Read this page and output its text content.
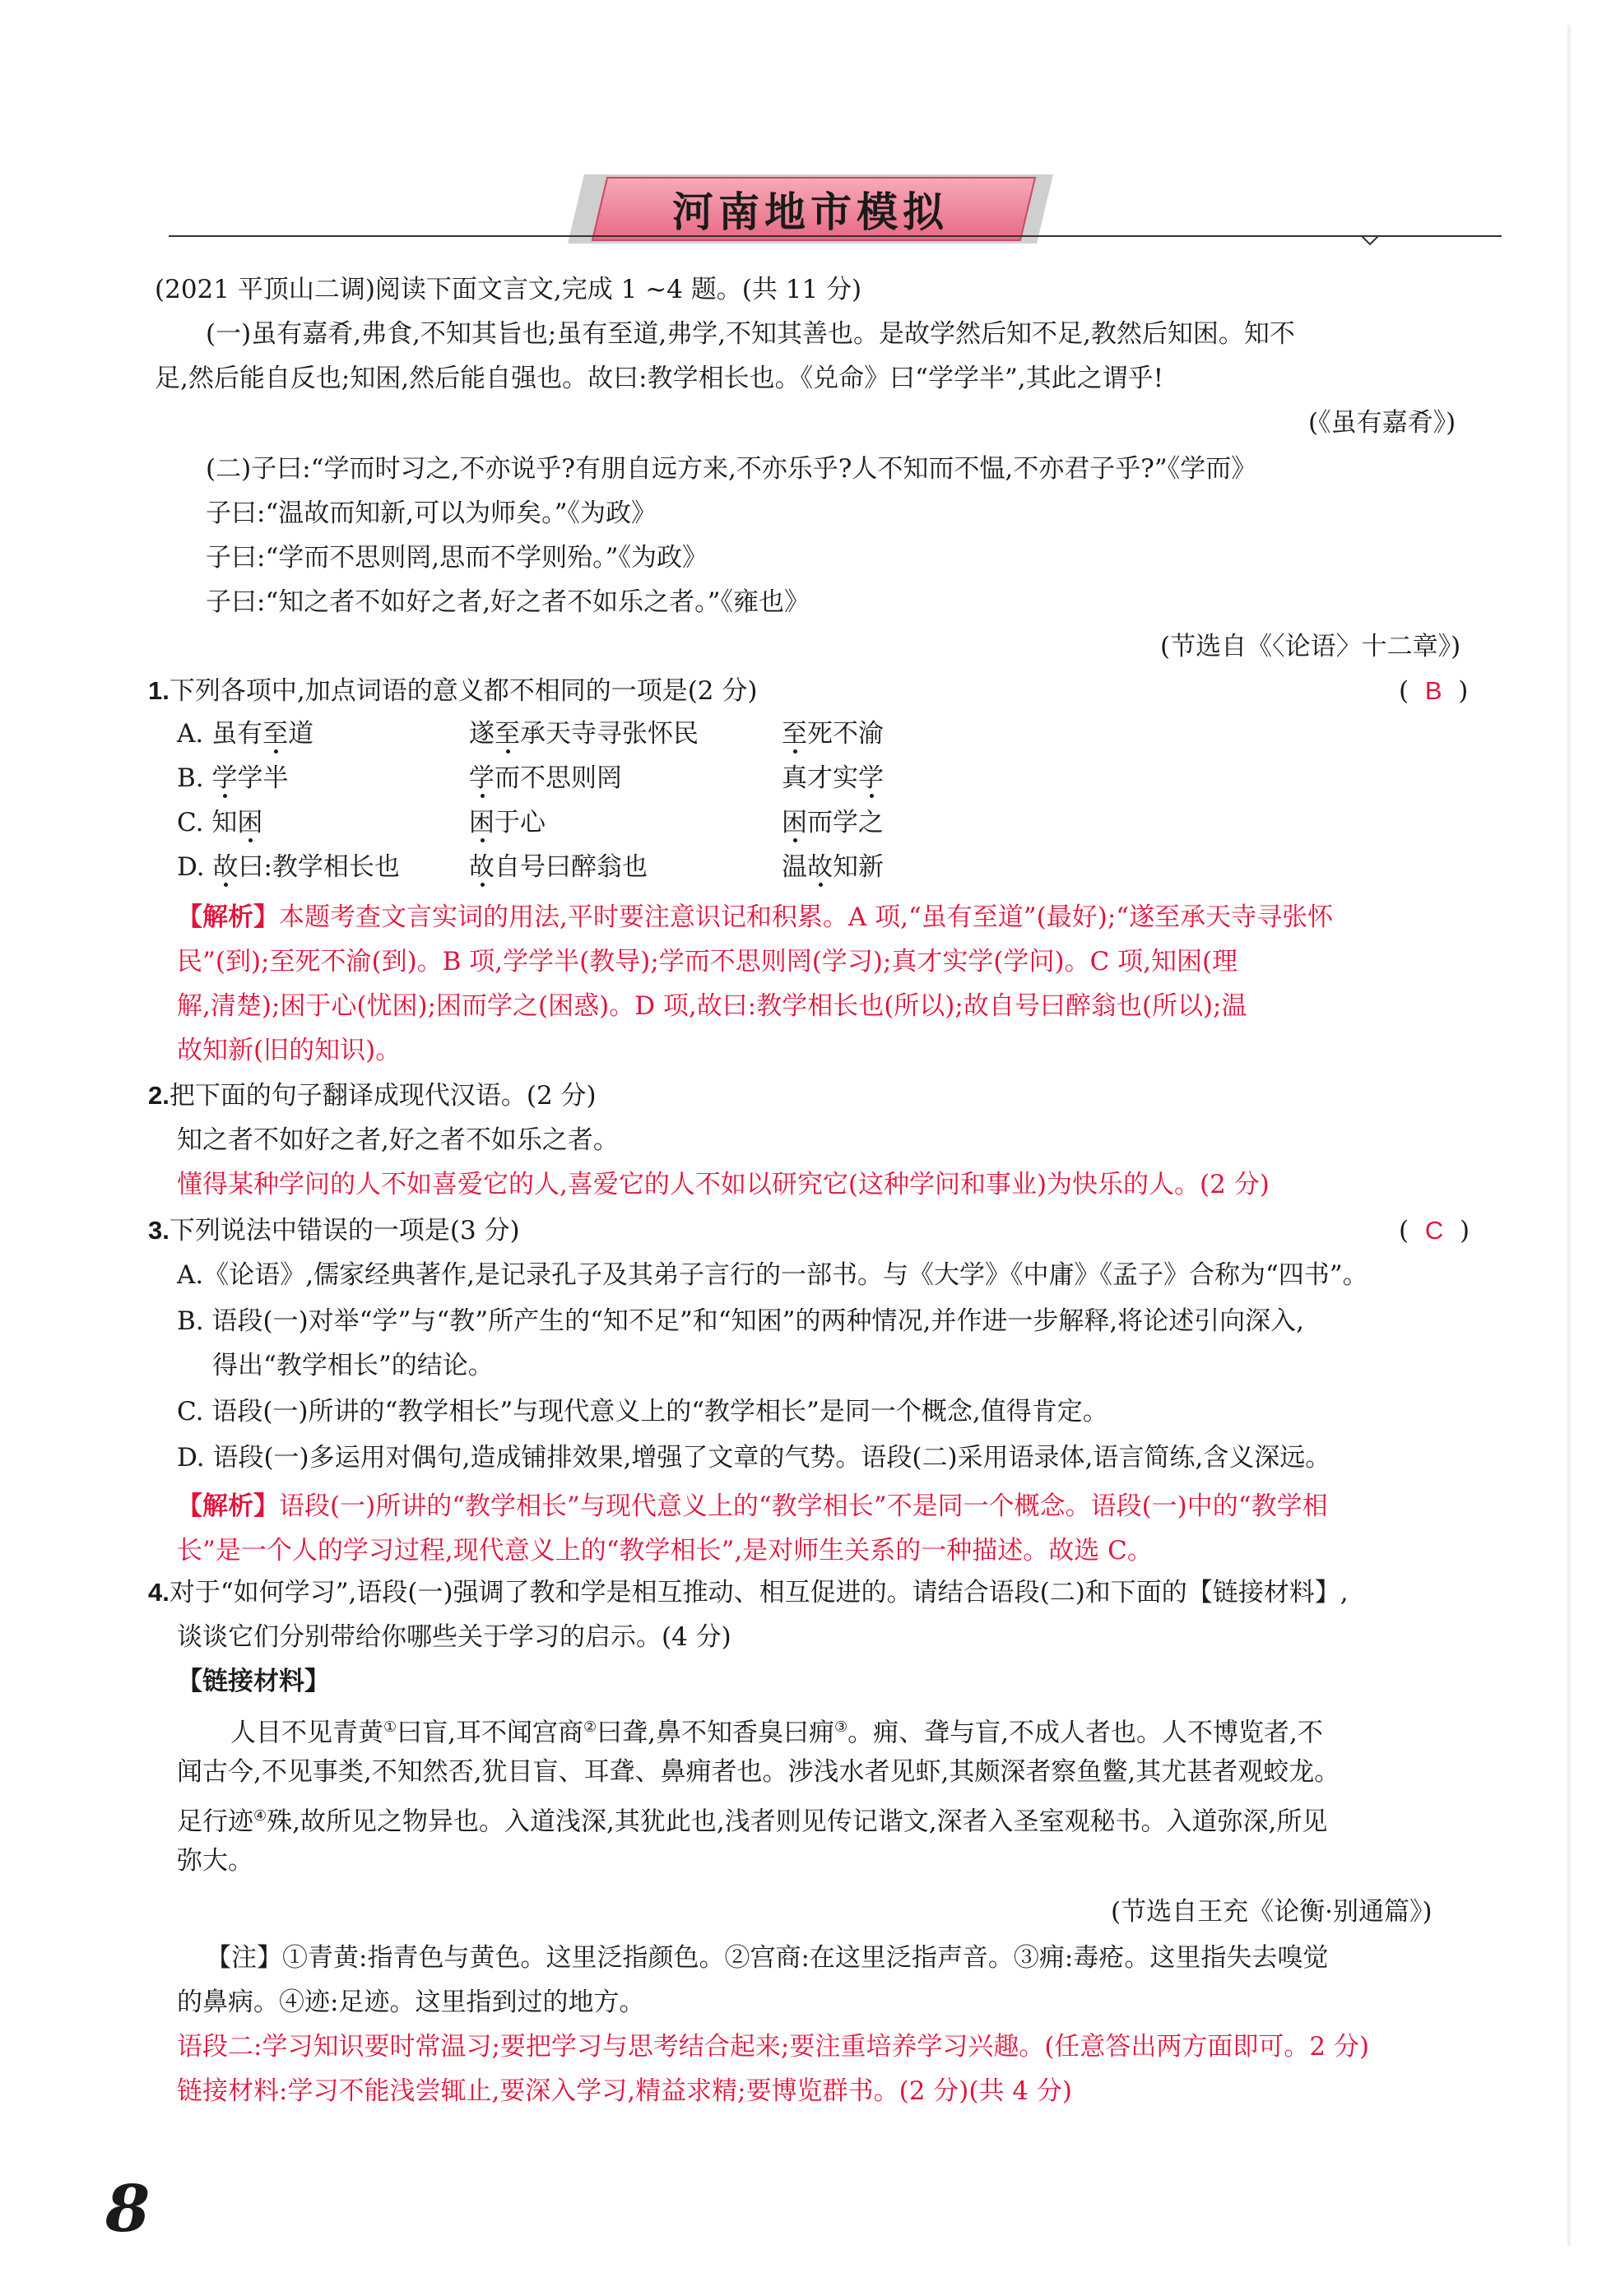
河南地市模拟
(2021 平顶山二调)阅读下面文言文,完成 1 ~4 题。(共 11 分)
(一)虽有嘉肴,弗食,不知其旨也;虽有至道,弗学,不知其善也。是故学然后知不足,教然后知困。知不
足,然后能自反也;知困,然后能自强也。故曰:教学相长也。《兑命》曰“学学半”,其此之谓乎!
(《虽有嘉肴》)
(二)子曰:“学而时习之,不亦说乎?有朋自远方来,不亦乐乎?人不知而不愠,不亦君子乎?”《学而》
子曰:“温故而知新,可以为师矣。”《为政》
子曰:“学而不思则罔,思而不学则殆。”《为政》
子曰:“知之者不如好之者,好之者不如乐之者。”《雍也》
(节选自《〈论语〉十二章》)
1.下列各项中,加点词语的意义都不相同的一项是(2 分)	( B )
A. 虽有至道	遂至承天寺寻张怀民	至死不渝
B. 学学半	学而不思则罔	真才实学
C. 知困	困于心	困而学之
D. 故曰:教学相长也	故自号曰醉翁也	温故知新
【解析】本题考查文言实词的用法,平时要注意识记和积累。A 项,“虽有至道”(最好);“遂至承天寺寻张怀
民”(到);至死不渝(到)。B 项,学学半(教导);学而不思则罔(学习);真才实学(学问)。C 项,知困(理
解,清楚);困于心(忧困);困而学之(困惑)。D 项,故曰:教学相长也(所以);故自号曰醉翁也(所以);温
故知新(旧的知识)。
2.把下面的句子翻译成现代汉语。(2 分)
知之者不如好之者,好之者不如乐之者。
懂得某种学问的人不如喜爱它的人,喜爱它的人不如以研究它(这种学问和事业)为快乐的人。(2 分)
3.下列说法中错误的一项是(3 分)	( C )
A.《论语》,儒家经典著作,是记录孔子及其弟子言行的一部书。与《大学》《中庸》《孟子》合称为“四书”。
B. 语段(一)对举“学”与“教”所产生的“知不足”和“知困”的两种情况,并作进一步解释,将论述引向深入,
得出“教学相长”的结论。
C. 语段(一)所讲的“教学相长”与现代意义上的“教学相长”是同一个概念,值得肯定。
D. 语段(一)多运用对偶句,造成铺排效果,增强了文章的气势。语段(二)采用语录体,语言简练,含义深远。
【解析】语段(一)所讲的“教学相长”与现代意义上的“教学相长”不是同一个概念。语段(一)中的“教学相
长”是一个人的学习过程,现代意义上的“教学相长”,是对师生关系的一种描述。故选 C。
4.对于“如何学习”,语段(一)强调了教和学是相互推动、相互促进的。请结合语段(二)和下面的【链接材料】,
谈谈它们分别带给你哪些关于学习的启示。(4 分)
【链接材料】
人目不见青黄①曰盲,耳不闻宫商②曰聋,鼻不知香臭曰痈③。痈、聋与盲,不成人者也。人不博览者,不
闻古今,不见事类,不知然否,犹目盲、耳聋、鼻痈者也。涉浅水者见虾,其颇深者察鱼鳖,其尤甚者观蛟龙。
足行迹④殊,故所见之物异也。入道浅深,其犹此也,浅者则见传记谐文,深者入圣室观秘书。入道弥深,所见
弥大。
(节选自王充《论衡·别通篇》)
【注】①青黄:指青色与黄色。这里泛指颜色。②宫商:在这里泛指声音。③痈:毒疮。这里指失去嗅觉
的鼻病。④迹:足迹。这里指到过的地方。
语段二:学习知识要时常温习;要把学习与思考结合起来;要注重培养学习兴趣。(任意答出两方面即可。2 分)
链接材料:学习不能浅尝辄止,要深入学习,精益求精;要博览群书。(2 分)(共 4 分)
8
